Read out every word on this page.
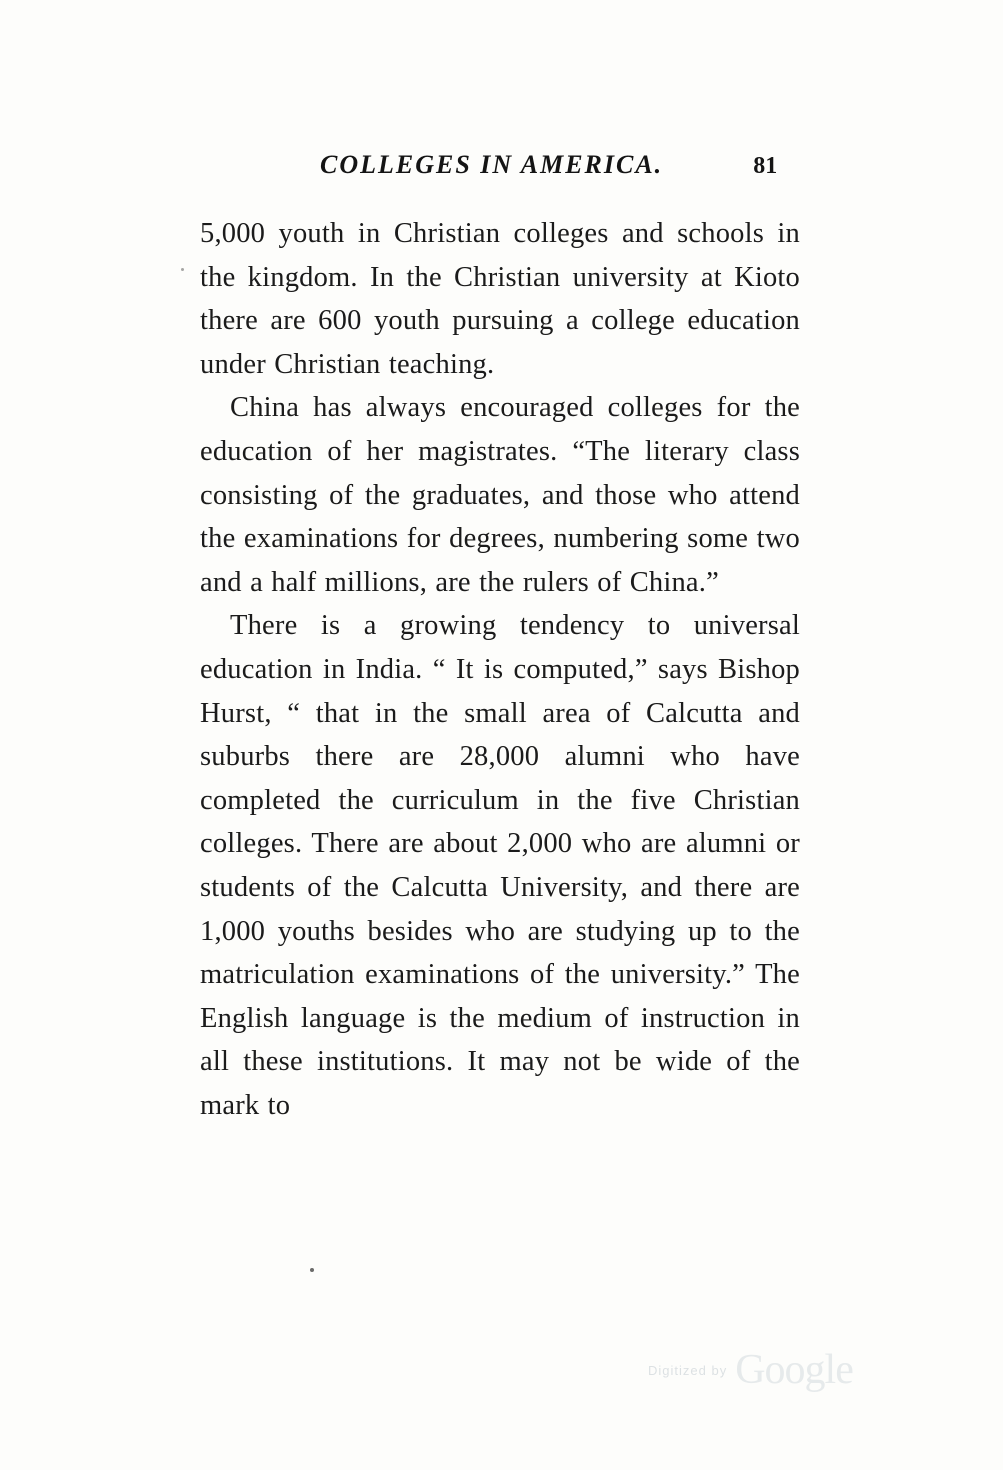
COLLEGES IN AMERICA.	81

5,000 youth in Christian colleges and schools in the kingdom. In the Christian university at Kioto there are 600 youth pursuing a college education under Christian teaching.

China has always encouraged colleges for the education of her magistrates. “The literary class consisting of the graduates, and those who attend the examinations for degrees, numbering some two and a half millions, are the rulers of China.”

There is a growing tendency to universal education in India. “ It is computed,” says Bishop Hurst, “ that in the small area of Calcutta and suburbs there are 28,000 alumni who have completed the curriculum in the five Christian colleges. There are about 2,000 who are alumni or students of the Calcutta University, and there are 1,000 youths besides who are studying up to the matriculation examinations of the university.” The English language is the medium of instruction in all these institutions. It may not be wide of the mark to

Digitized by Google
